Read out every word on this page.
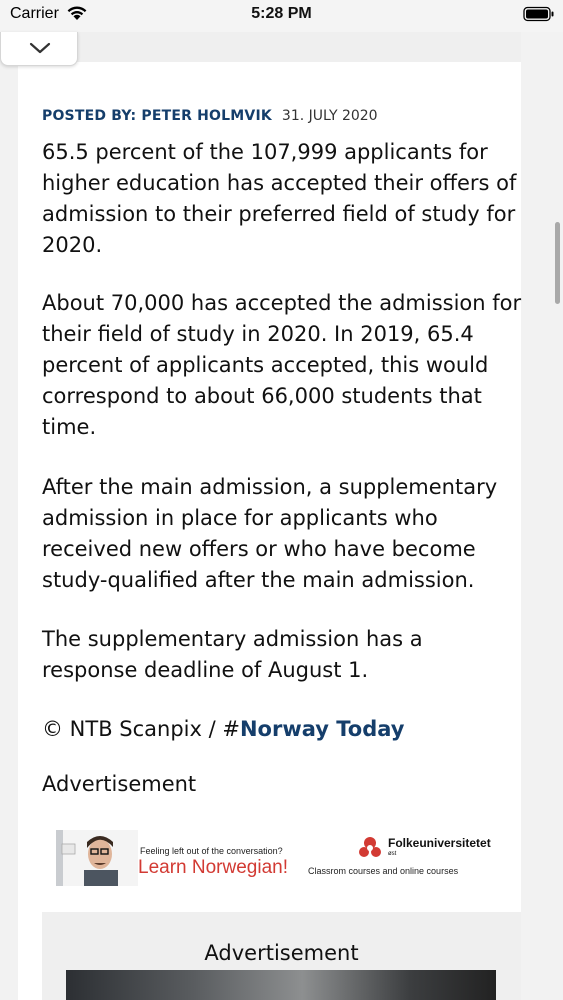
Carrier	5:28 PM
POSTED BY: PETER HOLMVIK 31. JULY 2020

65.5 percent of the 107,999 applicants for higher education has accepted their offers of admission to their preferred field of study for 2020.

About 70,000 has accepted the admission for their field of study in 2020. In 2019, 65.4 percent of applicants accepted, this would correspond to about 66,000 students that time.

After the main admission, a supplementary admission in place for applicants who received new offers or who have become study-qualified after the main admission.

The supplementary admission has a response deadline of August 1.

© NTB Scanpix / #Norway Today
Advertisement
Feeling left out of the conversation?
Learn Norwegian!
Folkeuniversitetet
øst
Classrom courses and online courses
Advertisement
